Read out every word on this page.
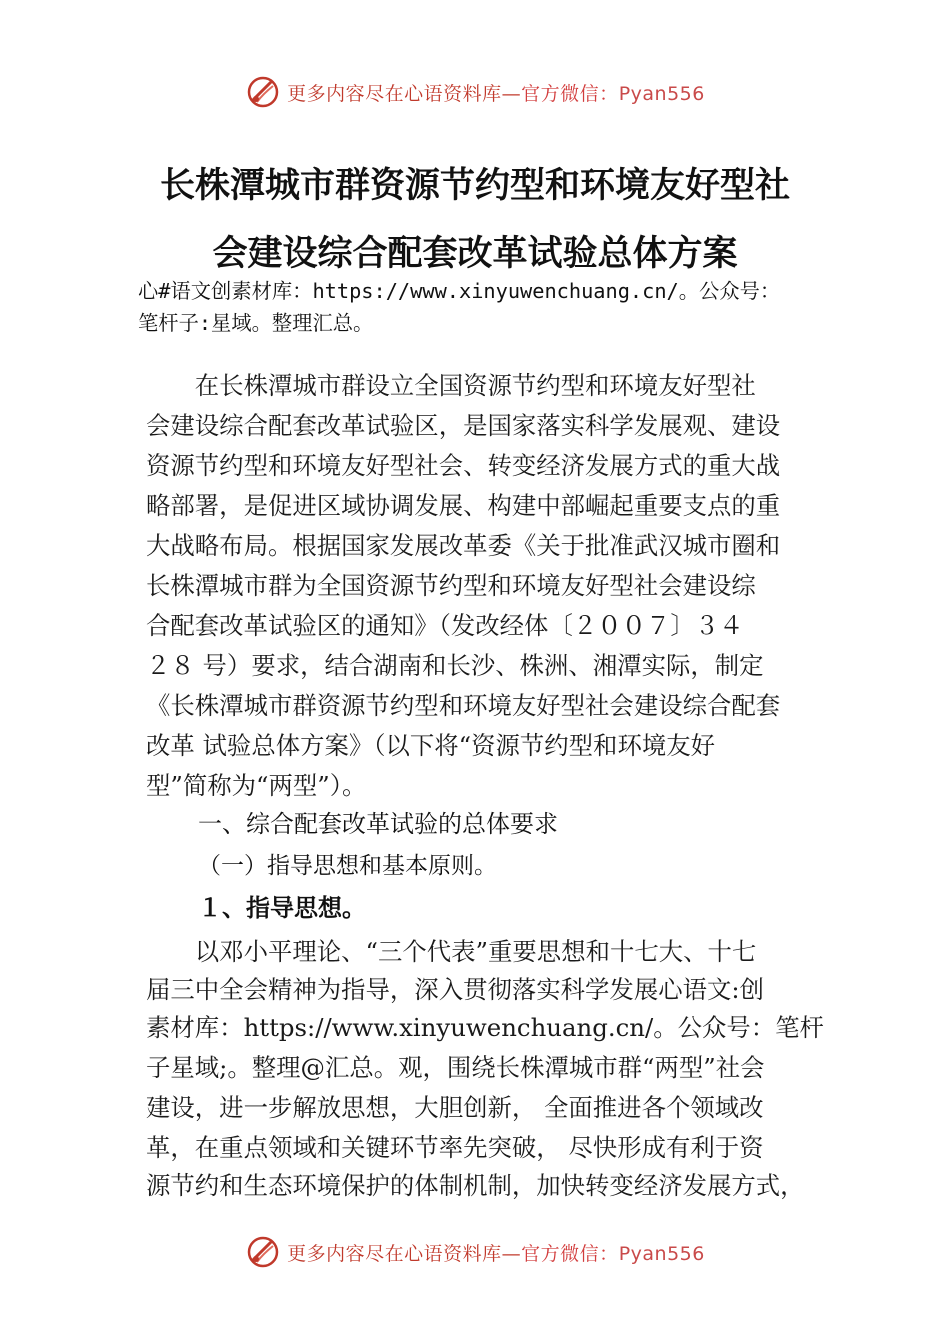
更多内容尽在心语资料库—官方微信：Pyan556
长株潭城市群资源节约型和环境友好型社
会建设综合配套改革试验总体方案
心#语文创素材库：https://www.xinyuwenchuang.cn/。公众号：
笔杆子:星域。整理汇总。
　　在长株潭城市群设立全国资源节约型和环境友好型社
会建设综合配套改革试验区，是国家落实科学发展观、建设
资源节约型和环境友好型社会、转变经济发展方式的重大战
略部署，是促进区域协调发展、构建中部崛起重要支点的重
大战略布局。根据国家发展改革委《关于批准武汉城市圈和
长株潭城市群为全国资源节约型和环境友好型社会建设综
合配套改革试验区的通知》（发改经体〔２００７〕３４
２８ 号）要求，结合湖南和长沙、株洲、湘潭实际，制定
《长株潭城市群资源节约型和环境友好型社会建设综合配套
改革 试验总体方案》（以下将“资源节约型和环境友好
型”简称为“两型”）。
一、综合配套改革试验的总体要求
（一）指导思想和基本原则。
１、指导思想。
　　以邓小平理论、“三个代表”重要思想和十七大、十七
届三中全会精神为指导，深入贯彻落实科学发展心语文:创
素材库：https://www.xinyuwenchuang.cn/。公众号：笔杆
子星域;。整理@汇总。观，围绕长株潭城市群“两型”社会
建设，进一步解放思想，大胆创新， 全面推进各个领域改
革，在重点领域和关键环节率先突破， 尽快形成有利于资
源节约和生态环境保护的体制机制，加快转变经济发展方式，
更多内容尽在心语资料库—官方微信：Pyan556
